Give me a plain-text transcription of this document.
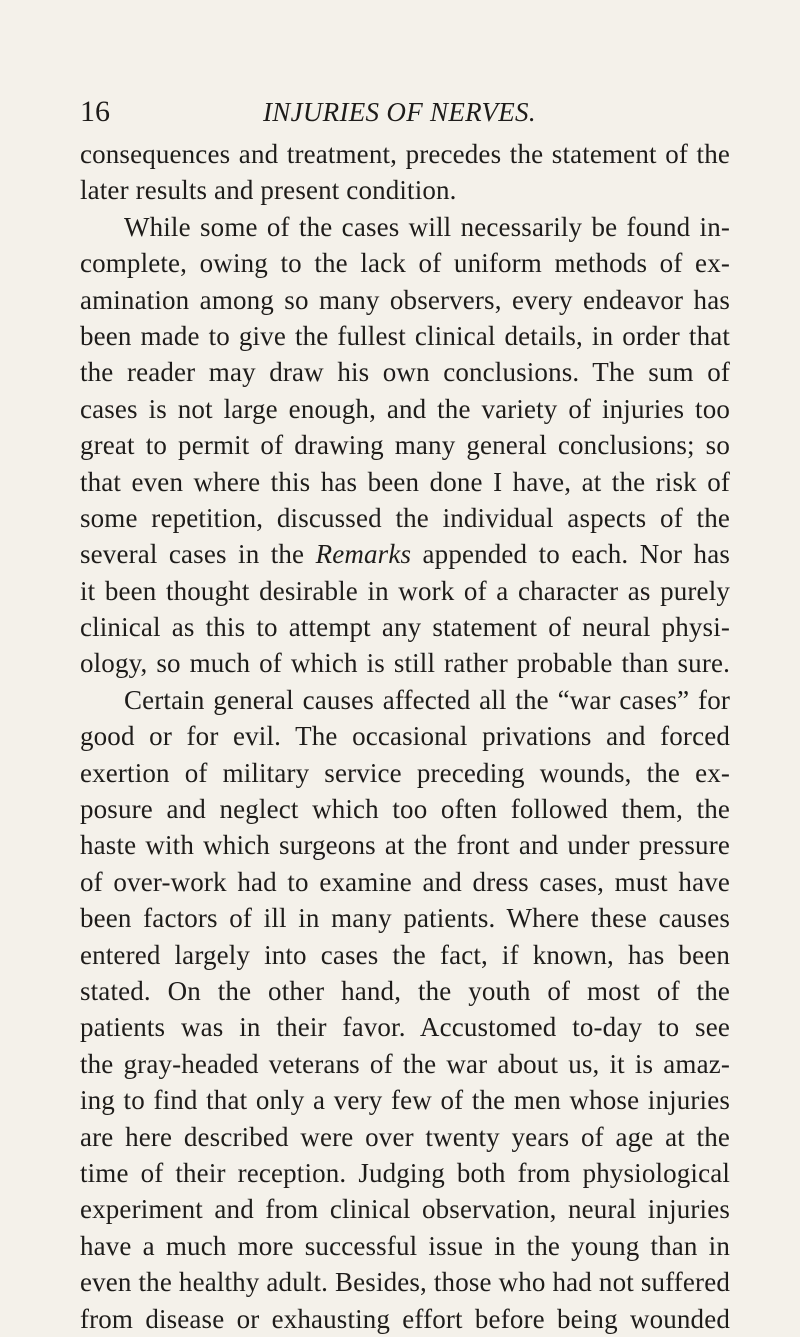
16	INJURIES OF NERVES.
consequences and treatment, precedes the statement of the
later results and present condition.
While some of the cases will necessarily be found in-
complete, owing to the lack of uniform methods of ex-
amination among so many observers, every endeavor has
been made to give the fullest clinical details, in order that
the reader may draw his own conclusions. The sum of
cases is not large enough, and the variety of injuries too
great to permit of drawing many general conclusions; so
that even where this has been done I have, at the risk of
some repetition, discussed the individual aspects of the
several cases in the Remarks appended to each. Nor has
it been thought desirable in work of a character as purely
clinical as this to attempt any statement of neural physi-
ology, so much of which is still rather probable than sure.
Certain general causes affected all the “war cases” for
good or for evil. The occasional privations and forced
exertion of military service preceding wounds, the ex-
posure and neglect which too often followed them, the
haste with which surgeons at the front and under pressure
of over-work had to examine and dress cases, must have
been factors of ill in many patients. Where these causes
entered largely into cases the fact, if known, has been
stated. On the other hand, the youth of most of the
patients was in their favor. Accustomed to-day to see
the gray-headed veterans of the war about us, it is amaz-
ing to find that only a very few of the men whose injuries
are here described were over twenty years of age at the
time of their reception. Judging both from physiological
experiment and from clinical observation, neural injuries
have a much more successful issue in the young than in
even the healthy adult. Besides, those who had not suffered
from disease or exhausting effort before being wounded
